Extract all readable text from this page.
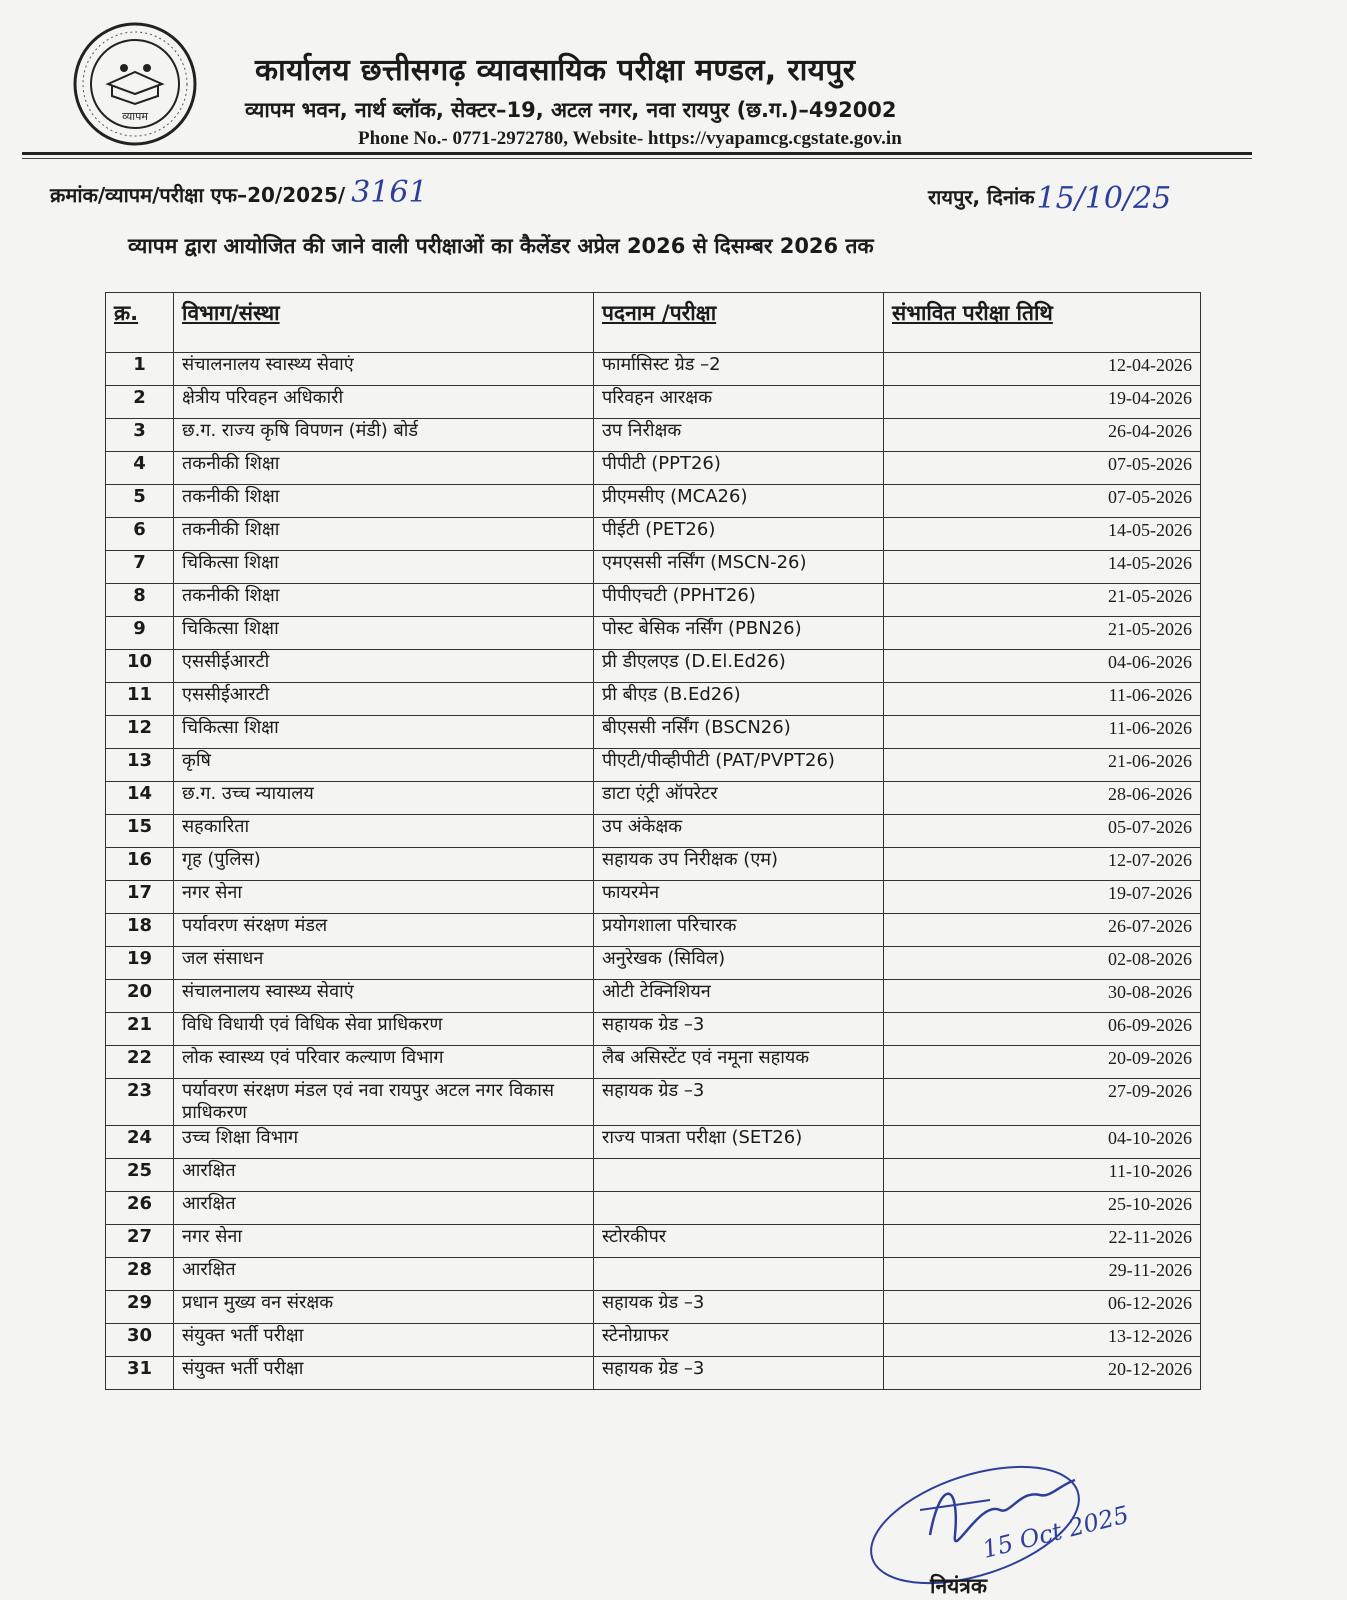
व्यापम
कार्यालय छत्तीसगढ़ व्यावसायिक परीक्षा मण्डल, रायपुर
व्यापम भवन, नार्थ ब्लॉक, सेक्टर–19, अटल नगर, नवा रायपुर (छ.ग.)–492002
Phone No.- 0771-2972780, Website- https://vyapamcg.cgstate.gov.in
क्रमांक/व्यापम/परीक्षा एफ–20/2025/ 3161	रायपुर, दिनांक15/10/25
व्यापम द्वारा आयोजित की जाने वाली परीक्षाओं का कैलेंडर अप्रेल 2026 से दिसम्बर 2026 तक
क्र.	विभाग/संस्था	पदनाम /परीक्षा	संभावित परीक्षा तिथि
1	संचालनालय स्वास्थ्य सेवाएं	फार्मासिस्ट ग्रेड –2	12-04-2026
2	क्षेत्रीय परिवहन अधिकारी	परिवहन आरक्षक	19-04-2026
3	छ.ग. राज्य कृषि विपणन (मंडी) बोर्ड	उप निरीक्षक	26-04-2026
4	तकनीकी शिक्षा	पीपीटी (PPT26)	07-05-2026
5	तकनीकी शिक्षा	प्रीएमसीए (MCA26)	07-05-2026
6	तकनीकी शिक्षा	पीईटी (PET26)	14-05-2026
7	चिकित्सा शिक्षा	एमएससी नर्सिंग (MSCN-26)	14-05-2026
8	तकनीकी शिक्षा	पीपीएचटी (PPHT26)	21-05-2026
9	चिकित्सा शिक्षा	पोस्ट बेसिक नर्सिंग (PBN26)	21-05-2026
10	एससीईआरटी	प्री डीएलएड (D.El.Ed26)	04-06-2026
11	एससीईआरटी	प्री बीएड (B.Ed26)	11-06-2026
12	चिकित्सा शिक्षा	बीएससी नर्सिंग (BSCN26)	11-06-2026
13	कृषि	पीएटी/पीव्हीपीटी (PAT/PVPT26)	21-06-2026
14	छ.ग. उच्च न्यायालय	डाटा एंट्री ऑपरेटर	28-06-2026
15	सहकारिता	उप अंकेक्षक	05-07-2026
16	गृह (पुलिस)	सहायक उप निरीक्षक (एम)	12-07-2026
17	नगर सेना	फायरमेन	19-07-2026
18	पर्यावरण संरक्षण मंडल	प्रयोगशाला परिचारक	26-07-2026
19	जल संसाधन	अनुरेखक (सिविल)	02-08-2026
20	संचालनालय स्वास्थ्य सेवाएं	ओटी टेक्निशियन	30-08-2026
21	विधि विधायी एवं विधिक सेवा प्राधिकरण	सहायक ग्रेड –3	06-09-2026
22	लोक स्वास्थ्य एवं परिवार कल्याण विभाग	लैब असिस्टेंट एवं नमूना सहायक	20-09-2026
23	पर्यावरण संरक्षण मंडल एवं नवा रायपुर अटल नगर विकास प्राधिकरण	सहायक ग्रेड –3	27-09-2026
24	उच्च शिक्षा विभाग	राज्य पात्रता परीक्षा (SET26)	04-10-2026
25	आरक्षित		11-10-2026
26	आरक्षित		25-10-2026
27	नगर सेना	स्टोरकीपर	22-11-2026
28	आरक्षित		29-11-2026
29	प्रधान मुख्य वन संरक्षक	सहायक ग्रेड –3	06-12-2026
30	संयुक्त भर्ती परीक्षा	स्टेनोग्राफर	13-12-2026
31	संयुक्त भर्ती परीक्षा	सहायक ग्रेड –3	20-12-2026
15 Oct 2025
नियंत्रक
